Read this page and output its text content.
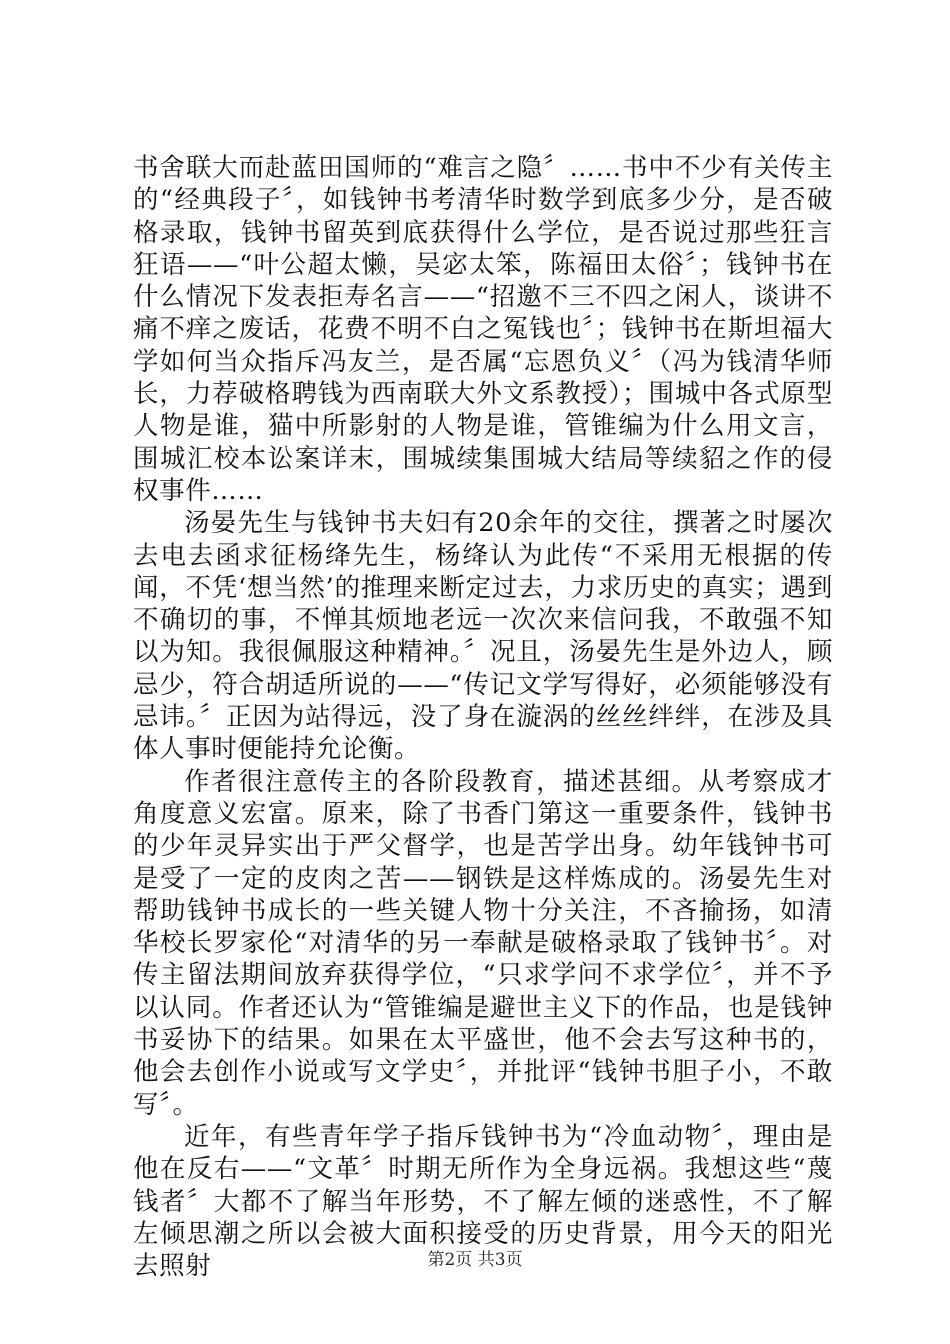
书舍联大而赴蓝田国师的“难言之隐〞……书中不少有关传主的“经典段子〞，如钱钟书考清华时数学到底多少分，是否破格录取，钱钟书留英到底获得什么学位，是否说过那些狂言狂语——“叶公超太懒，吴宓太笨，陈福田太俗〞；钱钟书在什么情况下发表拒寿名言——“招邀不三不四之闲人，谈讲不痛不痒之废话，花费不明不白之冤钱也〞；钱钟书在斯坦福大学如何当众指斥冯友兰，是否属“忘恩负义〞（冯为钱清华师长，力荐破格聘钱为西南联大外文系教授）；围城中各式原型人物是谁，猫中所影射的人物是谁，管锥编为什么用文言，围城汇校本讼案详末，围城续集围城大结局等续貂之作的侵权事件……

汤晏先生与钱钟书夫妇有20余年的交往，撰著之时屡次去电去函求征杨绛先生，杨绛认为此传“不采用无根据的传闻，不凭‘想当然’的推理来断定过去，力求历史的真实；遇到不确切的事，不惮其烦地老远一次次来信问我，不敢强不知以为知。我很佩服这种精神。〞况且，汤晏先生是外边人，顾忌少，符合胡适所说的——“传记文学写得好，必须能够没有忌讳。〞正因为站得远，没了身在漩涡的丝丝绊绊，在涉及具体人事时便能持允论衡。

作者很注意传主的各阶段教育，描述甚细。从考察成才角度意义宏富。原来，除了书香门第这一重要条件，钱钟书的少年灵异实出于严父督学，也是苦学出身。幼年钱钟书可是受了一定的皮肉之苦——钢铁是这样炼成的。汤晏先生对帮助钱钟书成长的一些关键人物十分关注，不吝揄扬，如清华校长罗家伦“对清华的另一奉献是破格录取了钱钟书〞。对传主留法期间放弃获得学位，“只求学问不求学位〞，并不予以认同。作者还认为“管锥编是避世主义下的作品，也是钱钟书妥协下的结果。如果在太平盛世，他不会去写这种书的，他会去创作小说或写文学史〞，并批评“钱钟书胆子小，不敢写〞。

近年，有些青年学子指斥钱钟书为“冷血动物〞，理由是他在反右——“文革〞时期无所作为全身远祸。我想这些“蔑钱者〞大都不了解当年形势，不了解左倾的迷惑性，不了解左倾思潮之所以会被大面积接受的历史背景，用今天的阳光去照射	第2页 共3页
